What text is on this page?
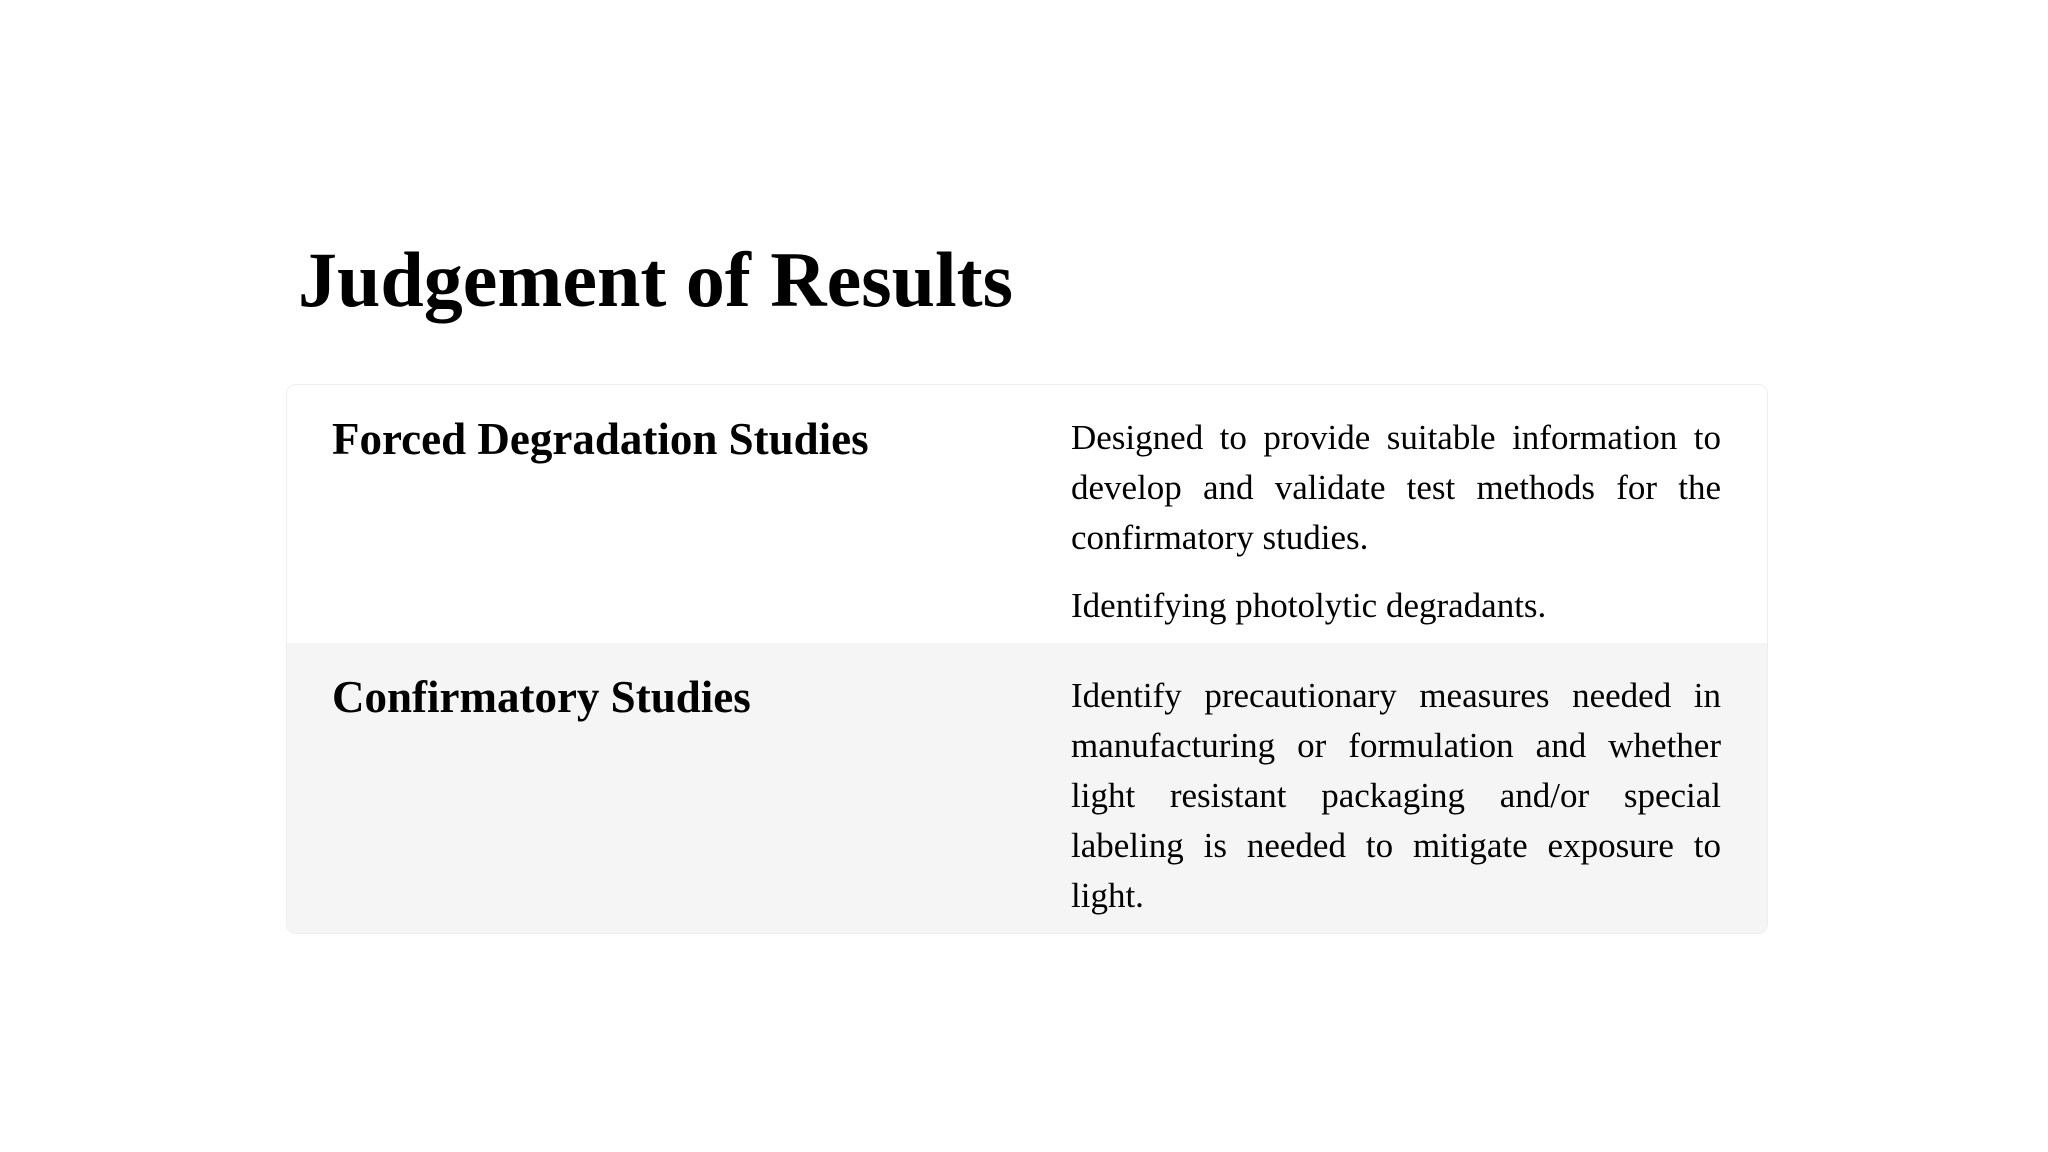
Judgement of Results
Forced Degradation Studies	Designed to provide suitable information to develop and validate test methods for the confirmatory studies.

Identifying photolytic degradants.

Confirmatory Studies	Identify precautionary measures needed in manufacturing or formulation and whether light resistant packaging and/or special labeling is needed to mitigate exposure to light.
